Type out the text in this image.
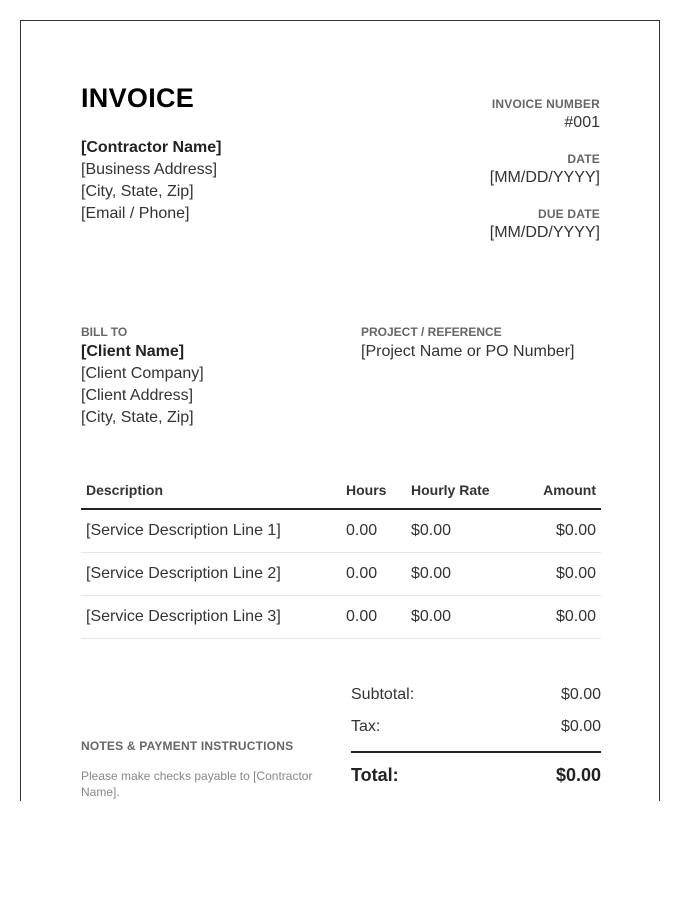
INVOICE
[Contractor Name]
[Business Address]
[City, State, Zip]
[Email / Phone]
INVOICE NUMBER
#001
DATE
[MM/DD/YYYY]
DUE DATE
[MM/DD/YYYY]
BILL TO
[Client Name]
[Client Company]
[Client Address]
[City, State, Zip]
PROJECT / REFERENCE
[Project Name or PO Number]
Description	Hours	Hourly Rate	Amount
[Service Description Line 1]	0.00	$0.00	$0.00
[Service Description Line 2]	0.00	$0.00	$0.00
[Service Description Line 3]	0.00	$0.00	$0.00
NOTES & PAYMENT INSTRUCTIONS
Please make checks payable to [Contractor Name].
Subtotal:	$0.00
Tax:	$0.00
Total:	$0.00
